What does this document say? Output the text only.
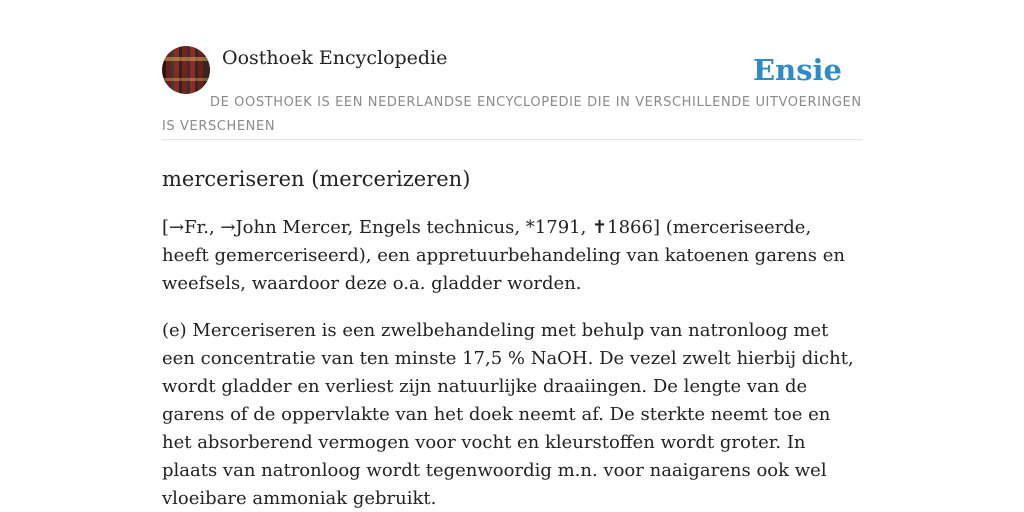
Oosthoek Encyclopedie	Ensie
DE OOSTHOEK IS EEN NEDERLANDSE ENCYCLOPEDIE DIE IN VERSCHILLENDE UITVOERINGEN IS VERSCHENEN
merceriseren (mercerizeren)

[→Fr., →John Mercer, Engels technicus, *1791, ✝1866] (merceriseerde, heeft gemerceriseerd), een appretuurbehandeling van katoenen garens en weefsels, waardoor deze o.a. gladder worden.

(e) Merceriseren is een zwelbehandeling met behulp van natronloog met een concentratie van ten minste 17,5 % NaOH. De vezel zwelt hierbij dicht, wordt gladder en verliest zijn natuurlijke draaiingen. De lengte van de garens of de oppervlakte van het doek neemt af. De sterkte neemt toe en het absorberend vermogen voor vocht en kleurstoffen wordt groter. In plaats van natronloog wordt tegenwoordig m.n. voor naaigarens ook wel vloeibare ammoniak gebruikt.
